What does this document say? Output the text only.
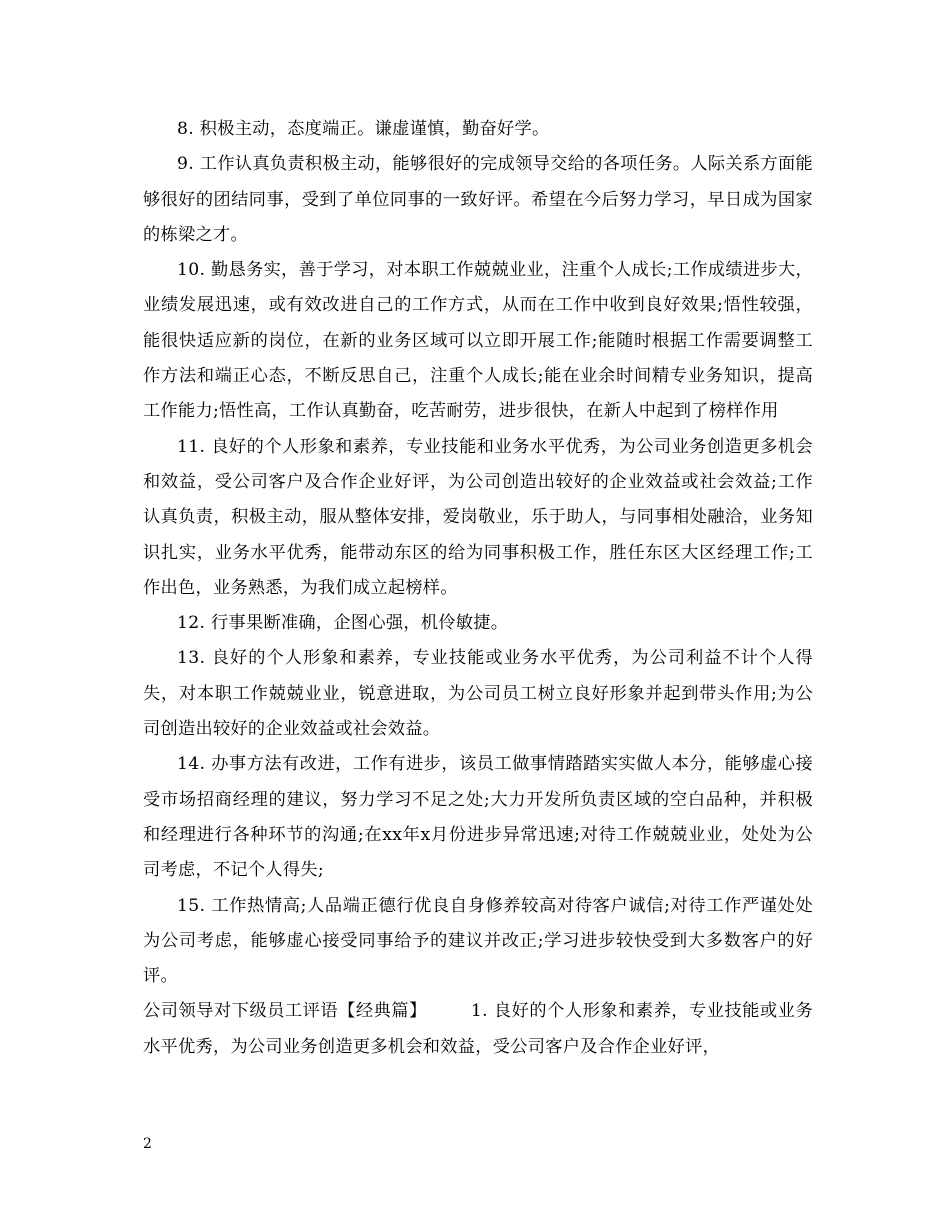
8. 积极主动，态度端正。谦虚谨慎，勤奋好学。

9. 工作认真负责积极主动，能够很好的完成领导交给的各项任务。人际关系方面能够很好的团结同事，受到了单位同事的一致好评。希望在今后努力学习，早日成为国家的栋梁之才。

10. 勤恳务实，善于学习，对本职工作兢兢业业，注重个人成长;工作成绩进步大，业绩发展迅速，或有效改进自己的工作方式，从而在工作中收到良好效果;悟性较强，能很快适应新的岗位，在新的业务区域可以立即开展工作;能随时根据工作需要调整工作方法和端正心态，不断反思自己，注重个人成长;能在业余时间精专业务知识，提高工作能力;悟性高，工作认真勤奋，吃苦耐劳，进步很快，在新人中起到了榜样作用

11. 良好的个人形象和素养，专业技能和业务水平优秀，为公司业务创造更多机会和效益，受公司客户及合作企业好评，为公司创造出较好的企业效益或社会效益;工作认真负责，积极主动，服从整体安排，爱岗敬业，乐于助人，与同事相处融洽，业务知识扎实，业务水平优秀，能带动东区的给为同事积极工作，胜任东区大区经理工作;工作出色，业务熟悉，为我们成立起榜样。

12. 行事果断准确，企图心强，机伶敏捷。

13. 良好的个人形象和素养，专业技能或业务水平优秀，为公司利益不计个人得失，对本职工作兢兢业业，锐意进取，为公司员工树立良好形象并起到带头作用;为公司创造出较好的企业效益或社会效益。

14. 办事方法有改进，工作有进步，该员工做事情踏踏实实做人本分，能够虚心接受市场招商经理的建议，努力学习不足之处;大力开发所负责区域的空白品种，并积极和经理进行各种环节的沟通;在xx年x月份进步异常迅速;对待工作兢兢业业，处处为公司考虑，不记个人得失;

15. 工作热情高;人品端正德行优良自身修养较高对待客户诚信;对待工作严谨处处为公司考虑，能够虚心接受同事给予的建议并改正;学习进步较快受到大多数客户的好评。

公司领导对下级员工评语【经典篇】	1. 良好的个人形象和素养，专业技能或业务水平优秀，为公司业务创造更多机会和效益，受公司客户及合作企业好评，

2
